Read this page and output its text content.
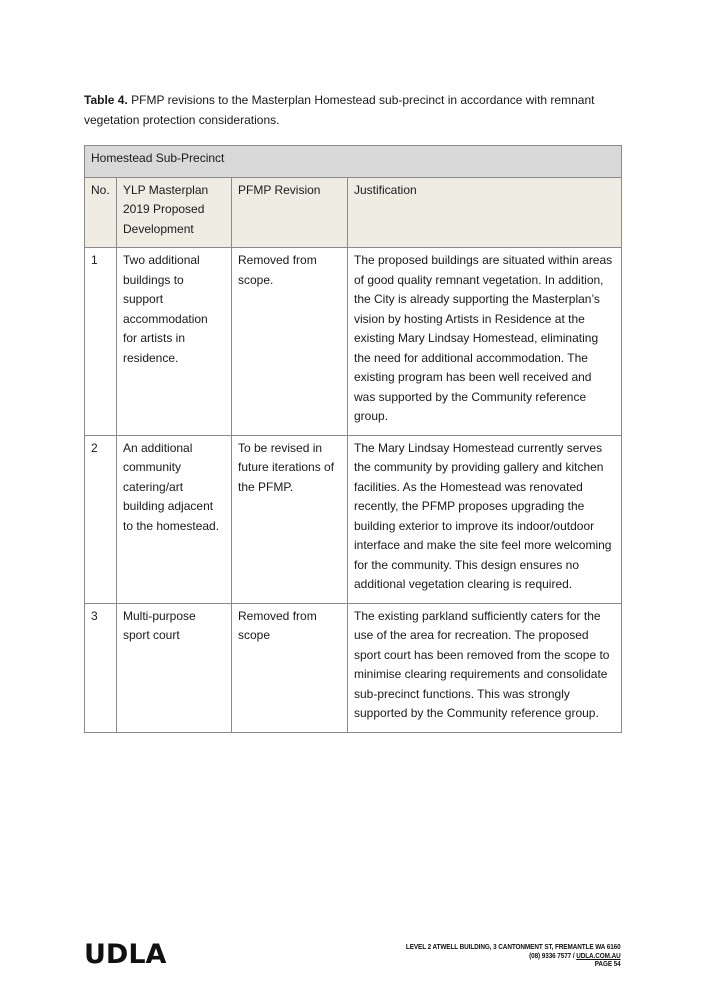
Table 4. PFMP revisions to the Masterplan Homestead sub-precinct in accordance with remnant vegetation protection considerations.
Homestead Sub-Precinct			
No.	YLP Masterplan 2019 Proposed Development	PFMP Revision	Justification
1	Two additional buildings to support accommodation for artists in residence.	Removed from scope.	The proposed buildings are situated within areas of good quality remnant vegetation. In addition, the City is already supporting the Masterplan’s vision by hosting Artists in Residence at the existing Mary Lindsay Homestead, eliminating the need for additional accommodation. The existing program has been well received and was supported by the Community reference group.
2	An additional community catering/art building adjacent to the homestead.	To be revised in future iterations of the PFMP.	The Mary Lindsay Homestead currently serves the community by providing gallery and kitchen facilities. As the Homestead was renovated recently, the PFMP proposes upgrading the building exterior to improve its indoor/outdoor interface and make the site feel more welcoming for the community. This design ensures no additional vegetation clearing is required.
3	Multi-purpose sport court	Removed from scope	The existing parkland sufficiently caters for the use of the area for recreation. The proposed sport court has been removed from the scope to minimise clearing requirements and consolidate sub-precinct functions. This was strongly supported by the Community reference group.
UDLA	LEVEL 2 ATWELL BUILDING, 3 CANTONMENT ST, FREMANTLE WA 6160
(08) 9336 7577 / UDLA.COM.AU
PAGE 54
